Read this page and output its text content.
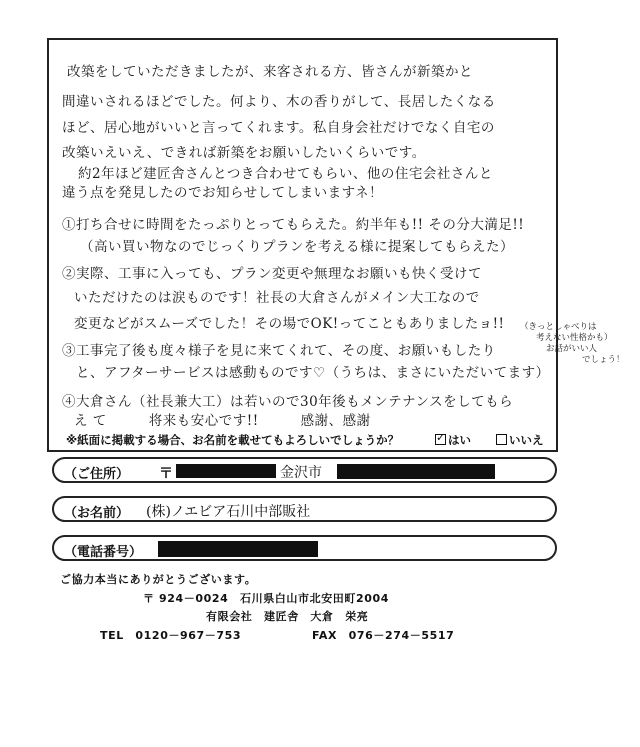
改築をしていただきましたが、来客される方、皆さんが新築かと
間違いされるほどでした。何より、木の香りがして、長居したくなる
ほど、居心地がいいと言ってくれます。私自身会社だけでなく自宅の
改築いえいえ、できれば新築をお願いしたいくらいです。
約2年ほど建匠舎さんとつき合わせてもらい、他の住宅会社さんと
違う点を発見したのでお知らせしてしまいますネ！
①打ち合せに時間をたっぷりとってもらえた。約半年も!! その分大満足!!
（高い買い物なのでじっくりプランを考える様に提案してもらえた）
②実際、工事に入っても、プラン変更や無理なお願いも快く受けて
いただけたのは涙ものです！社長の大倉さんがメイン大工なので
変更などがスムーズでした！その場でOK!ってこともありましたョ!!
③工事完了後も度々様子を見に来てくれて、その度、お願いもしたり
と、アフターサービスは感動ものです♡（うちは、まさにいただいてます）
④大倉さん（社長兼大工）は若いので30年後もメンテナンスをしてもら
え て　　　将来も安心です!!　　　感謝、感謝
（きっとしゃべりは
考えない性格かも）
お話がいい人
でしょう！
※紙面に掲載する場合、お名前を載せてもよろしいでしょうか？
✓	はい	いいえ
（ご住所） 〒	金沢市
（お名前） (株)ノエビア石川中部販社
（電話番号）
ご協力本当にありがとうございます。
〒 924－0024　石川県白山市北安田町2004
有限会社　建匠舎　大倉　栄亮
TEL　0120－967－753	FAX　076－274－5517
